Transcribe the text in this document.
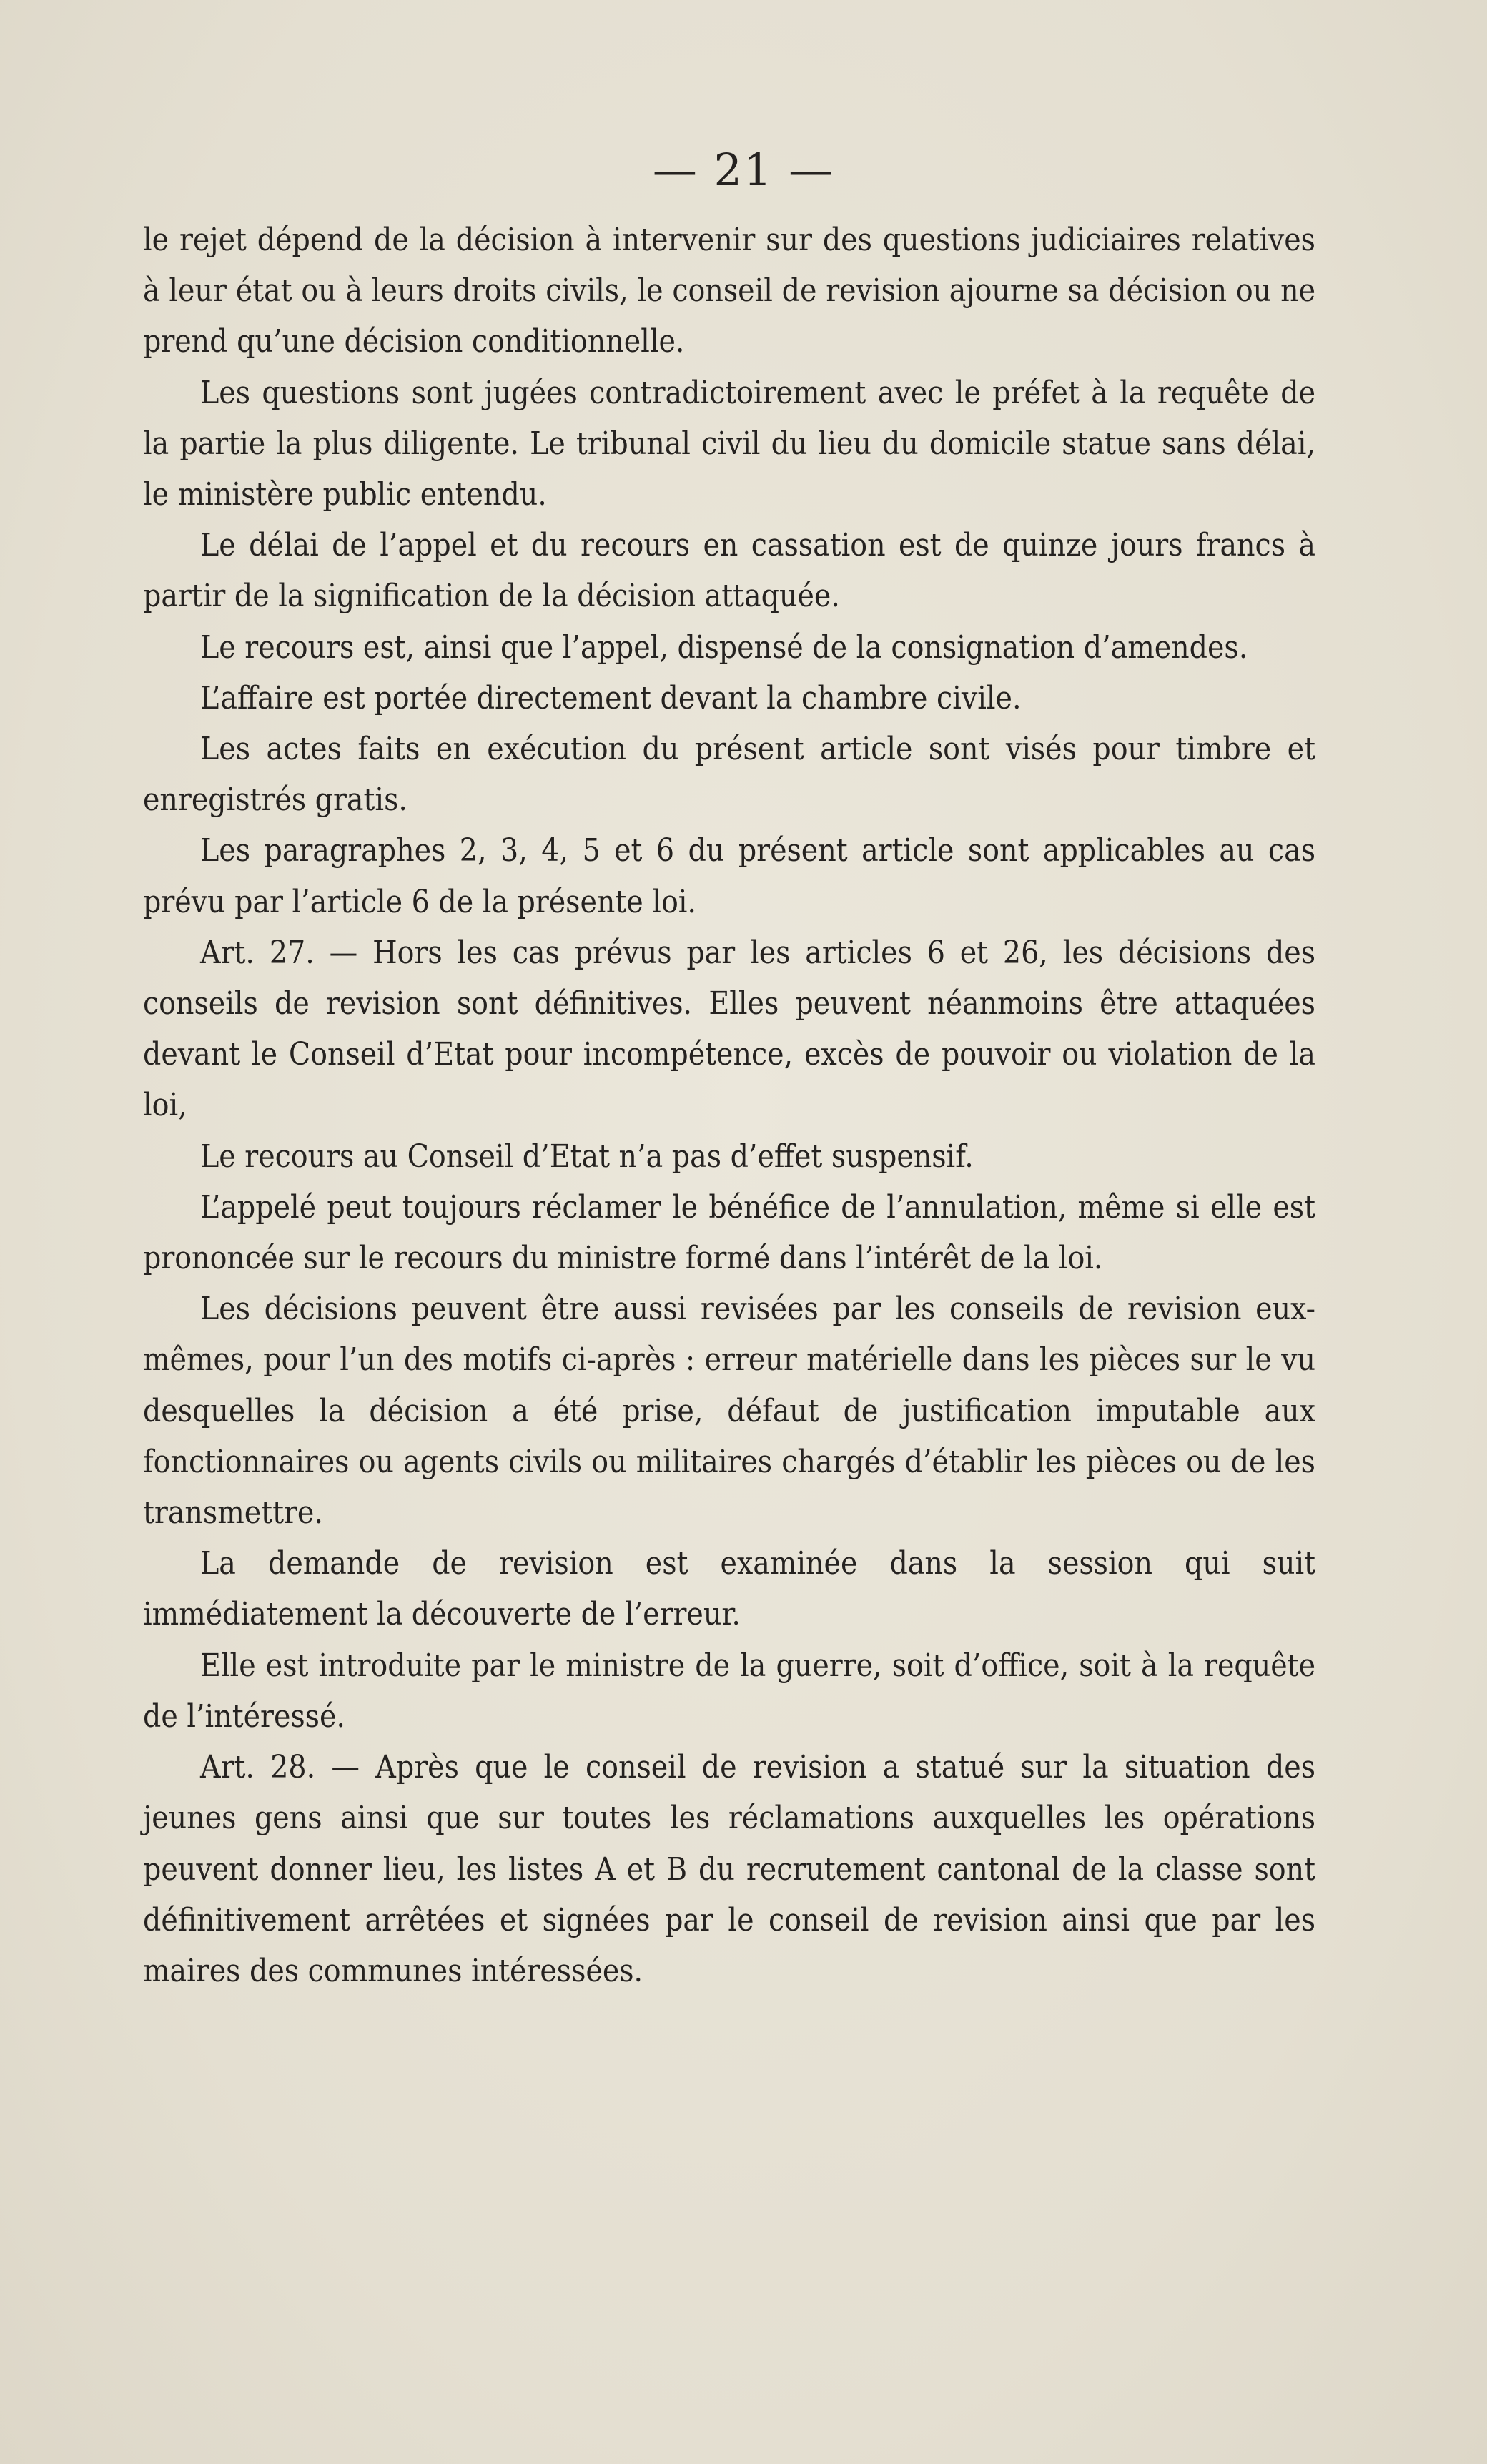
— 21 —

le rejet dépend de la décision à intervenir sur des questions judiciaires relatives à leur état ou à leurs droits civils, le conseil de revision ajourne sa décision ou ne prend qu’une décision conditionnelle.

Les questions sont jugées contradictoirement avec le préfet à la requête de la partie la plus diligente. Le tribunal civil du lieu du domicile statue sans délai, le ministère public entendu.

Le délai de l’appel et du recours en cassation est de quinze jours francs à partir de la signification de la décision attaquée.

Le recours est, ainsi que l’appel, dispensé de la consignation d’amendes.

L’affaire est portée directement devant la chambre civile.

Les actes faits en exécution du présent article sont visés pour timbre et enregistrés gratis.

Les paragraphes 2, 3, 4, 5 et 6 du présent article sont applicables au cas prévu par l’article 6 de la présente loi.

Art. 27. — Hors les cas prévus par les articles 6 et 26, les décisions des conseils de revision sont définitives. Elles peuvent néanmoins être attaquées devant le Conseil d’Etat pour incompétence, excès de pouvoir ou violation de la loi,

Le recours au Conseil d’Etat n’a pas d’effet suspensif.

L’appelé peut toujours réclamer le bénéfice de l’annulation, même si elle est prononcée sur le recours du ministre formé dans l’intérêt de la loi.

Les décisions peuvent être aussi revisées par les conseils de revision eux-mêmes, pour l’un des motifs ci-après : erreur matérielle dans les pièces sur le vu desquelles la décision a été prise, défaut de justification imputable aux fonctionnaires ou agents civils ou militaires chargés d’établir les pièces ou de les transmettre.

La demande de revision est examinée dans la session qui suit immédiatement la découverte de l’erreur.

Elle est introduite par le ministre de la guerre, soit d’office, soit à la requête de l’intéressé.

Art. 28. — Après que le conseil de revision a statué sur la situation des jeunes gens ainsi que sur toutes les réclamations auxquelles les opérations peuvent donner lieu, les listes A et B du recrutement cantonal de la classe sont définitivement arrêtées et signées par le conseil de revision ainsi que par les maires des communes intéressées.
